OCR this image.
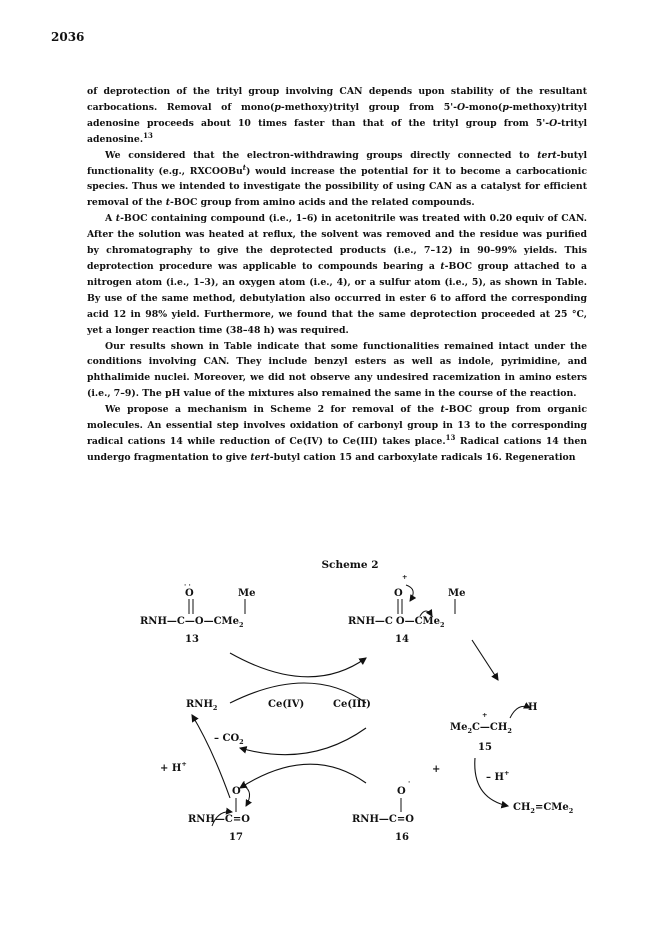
2036

of deprotection of the trityl group involving CAN depends upon stability of the resultant carbocations. Removal of mono(p-methoxy)trityl group from 5'-O-mono(p-methoxy)trityl adenosine proceeds about 10 times faster than that of the trityl group from 5'-O-trityl adenosine.$^{13}$

We considered that the electron-withdrawing groups directly connected to tert-butyl functionality (e.g., RXCOOBu$^t$) would increase the potential for it to become a carbocationic species. Thus we intended to investigate the possibility of using CAN as a catalyst for efficient removal of the t-BOC group from amino acids and the related compounds.

A t-BOC containing compound (i.e., 1–6) in acetonitrile was treated with 0.20 equiv of CAN. After the solution was heated at reflux, the solvent was removed and the residue was purified by chromatography to give the deprotected products (i.e., 7–12) in 90–99% yields. This deprotection procedure was applicable to compounds bearing a t-BOC group attached to a nitrogen atom (i.e., 1–3), an oxygen atom (i.e., 4), or a sulfur atom (i.e., 5), as shown in Table. By use of the same method, debutylation also occurred in ester 6 to afford the corresponding acid 12 in 98% yield. Furthermore, we found that the same deprotection proceeded at 25 °C, yet a longer reaction time (38–48 h) was required.

Our results shown in Table indicate that some functionalities remained intact under the conditions involving CAN. They include benzyl esters as well as indole, pyrimidine, and phthalimide nuclei. Moreover, we did not observe any undesired racemization in amino esters (i.e., 7–9). The pH value of the mixtures also remained the same in the course of the reaction.

We propose a mechanism in Scheme 2 for removal of the t-BOC group from organic molecules. An essential step involves oxidation of carbonyl group in 13 to the corresponding radical cations 14 while reduction of Ce(IV) to Ce(III) takes place.$^{13}$ Radical cations 14 then undergo fragmentation to give tert-butyl cation 15 and carboxylate radicals 16. Regeneration

Scheme 2
· ·
O	Me
RNH—C—O—CMe$_2$
13
+
O	Me
RNH—C O—CMe$_2$
14
$RNH_2$	Ce(IV)	Ce(III)
– $CO_2$
+ H+
H
+
$Me_2C—CH_2$
15
+
– H+
$CH_2=CMe_2$
·
O
RNH—C=O
16
·
O
RNH—C=O
17
